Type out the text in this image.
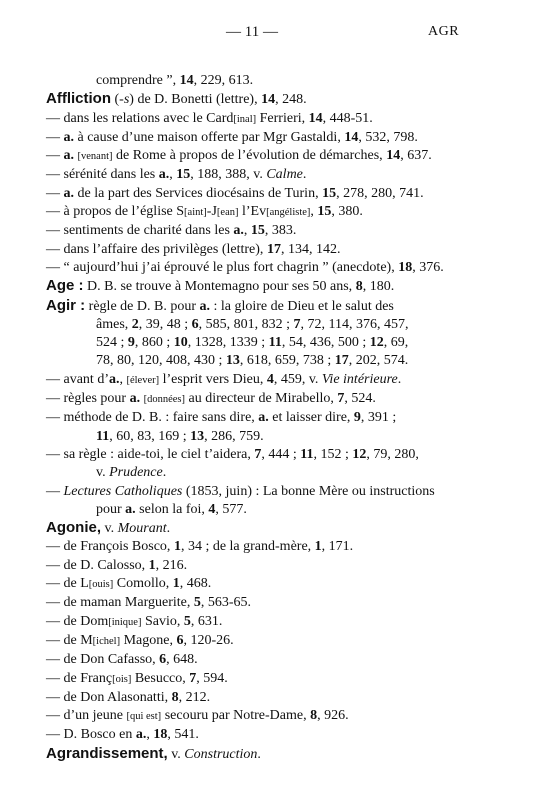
— 11 —	AGR
comprendre ”, 14, 229, 613.
Affliction (-s) de D. Bonetti (lettre), 14, 248.
— dans les relations avec le Card[inal] Ferrieri, 14, 448-51.
— a. à cause d’une maison offerte par Mgr Gastaldi, 14, 532, 798.
— a. [venant] de Rome à propos de l’évolution de démarches, 14, 637.
— sérénité dans les a., 15, 188, 388, v. Calme.
— a. de la part des Services diocésains de Turin, 15, 278, 280, 741.
— à propos de l’église S[aint]-J[ean] l’Ev[angéliste], 15, 380.
— sentiments de charité dans les a., 15, 383.
— dans l’affaire des privilèges (lettre), 17, 134, 142.
— “ aujourd’hui j’ai éprouvé le plus fort chagrin ” (anecdote), 18, 376.
Age : D. B. se trouve à Montemagno pour ses 50 ans, 8, 180.
Agir : règle de D. B. pour a. : la gloire de Dieu et le salut des
âmes, 2, 39, 48 ; 6, 585, 801, 832 ; 7, 72, 114, 376, 457,
524 ; 9, 860 ; 10, 1328, 1339 ; 11, 54, 436, 500 ; 12, 69,
78, 80, 120, 408, 430 ; 13, 618, 659, 738 ; 17, 202, 574.
— avant d’a., [élever] l’esprit vers Dieu, 4, 459, v. Vie intérieure.
— règles pour a. [données] au directeur de Mirabello, 7, 524.
— méthode de D. B. : faire sans dire, a. et laisser dire, 9, 391 ;
11, 60, 83, 169 ; 13, 286, 759.
— sa règle : aide-toi, le ciel t’aidera, 7, 444 ; 11, 152 ; 12, 79, 280,
v. Prudence.
— Lectures Catholiques (1853, juin) : La bonne Mère ou instructions
pour a. selon la foi, 4, 577.
Agonie, v. Mourant.
— de François Bosco, 1, 34 ; de la grand-mère, 1, 171.
— de D. Calosso, 1, 216.
— de L[ouis] Comollo, 1, 468.
— de maman Marguerite, 5, 563-65.
— de Dom[inique] Savio, 5, 631.
— de M[ichel] Magone, 6, 120-26.
— de Don Cafasso, 6, 648.
— de Franç[ois] Besucco, 7, 594.
— de Don Alasonatti, 8, 212.
— d’un jeune [qui est] secouru par Notre-Dame, 8, 926.
— D. Bosco en a., 18, 541.
Agrandissement, v. Construction.
